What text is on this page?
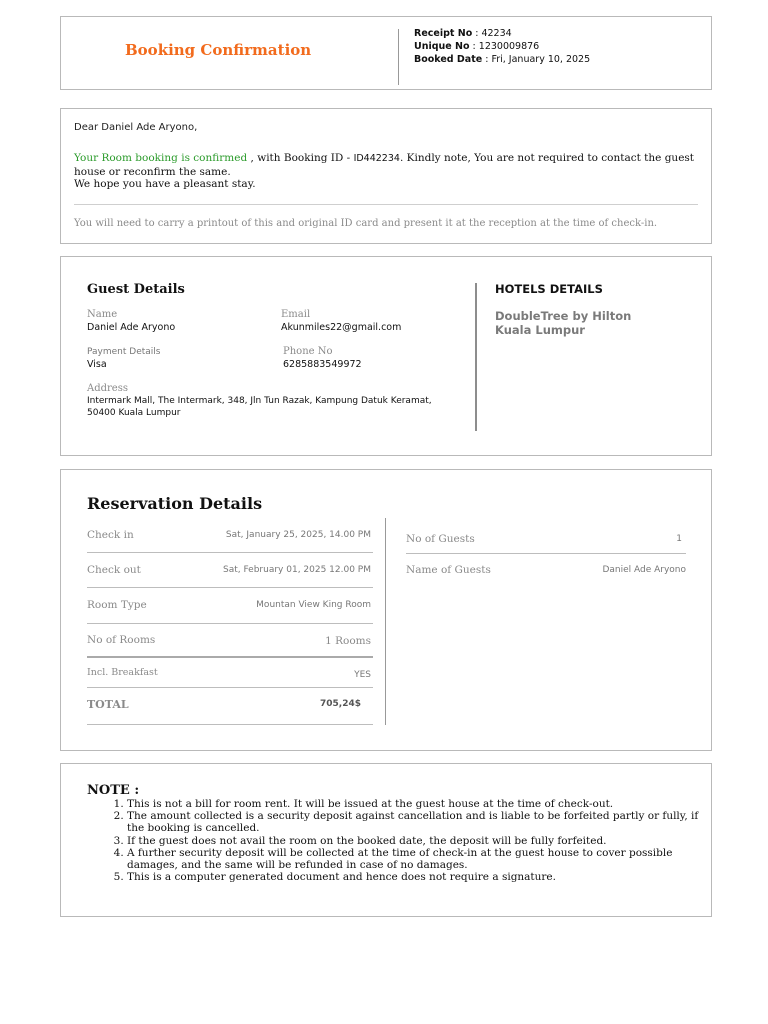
Booking Confirmation
Receipt No : 42234
Unique No : 1230009876
Booked Date : Fri, January 10, 2025
Dear Daniel Ade Aryono,
Your Room booking is confirmed , with Booking ID - ID442234. Kindly note, You are not required to contact the guest house or reconfirm the same.
We hope you have a pleasant stay.
You will need to carry a printout of this and original ID card and present it at the reception at the time of check-in.
Guest Details
Name
Daniel Ade Aryono
Email
Akunmiles22@gmail.com
Payment Details
Visa
Phone No
6285883549972
Address
Intermark Mall, The Intermark, 348, Jln Tun Razak, Kampung Datuk Keramat,
50400 Kuala Lumpur
HOTELS DETAILS
DoubleTree by Hilton Kuala Lumpur
Reservation Details
Check in	Sat, January 25, 2025, 14.00 PM
Check out	Sat, February 01, 2025 12.00 PM
Room Type	Mountan View King Room
No of Rooms	1 Rooms
Incl. Breakfast	YES
TOTAL	705,24$
No of Guests	1
Name of Guests	Daniel Ade Aryono
NOTE :
1. This is not a bill for room rent. It will be issued at the guest house at the time of check-out.
2. The amount collected is a security deposit against cancellation and is liable to be forfeited partly or fully, if the booking is cancelled.
3. If the guest does not avail the room on the booked date, the deposit will be fully forfeited.
4. A further security deposit will be collected at the time of check-in at the guest house to cover possible damages, and the same will be refunded in case of no damages.
5. This is a computer generated document and hence does not require a signature.
